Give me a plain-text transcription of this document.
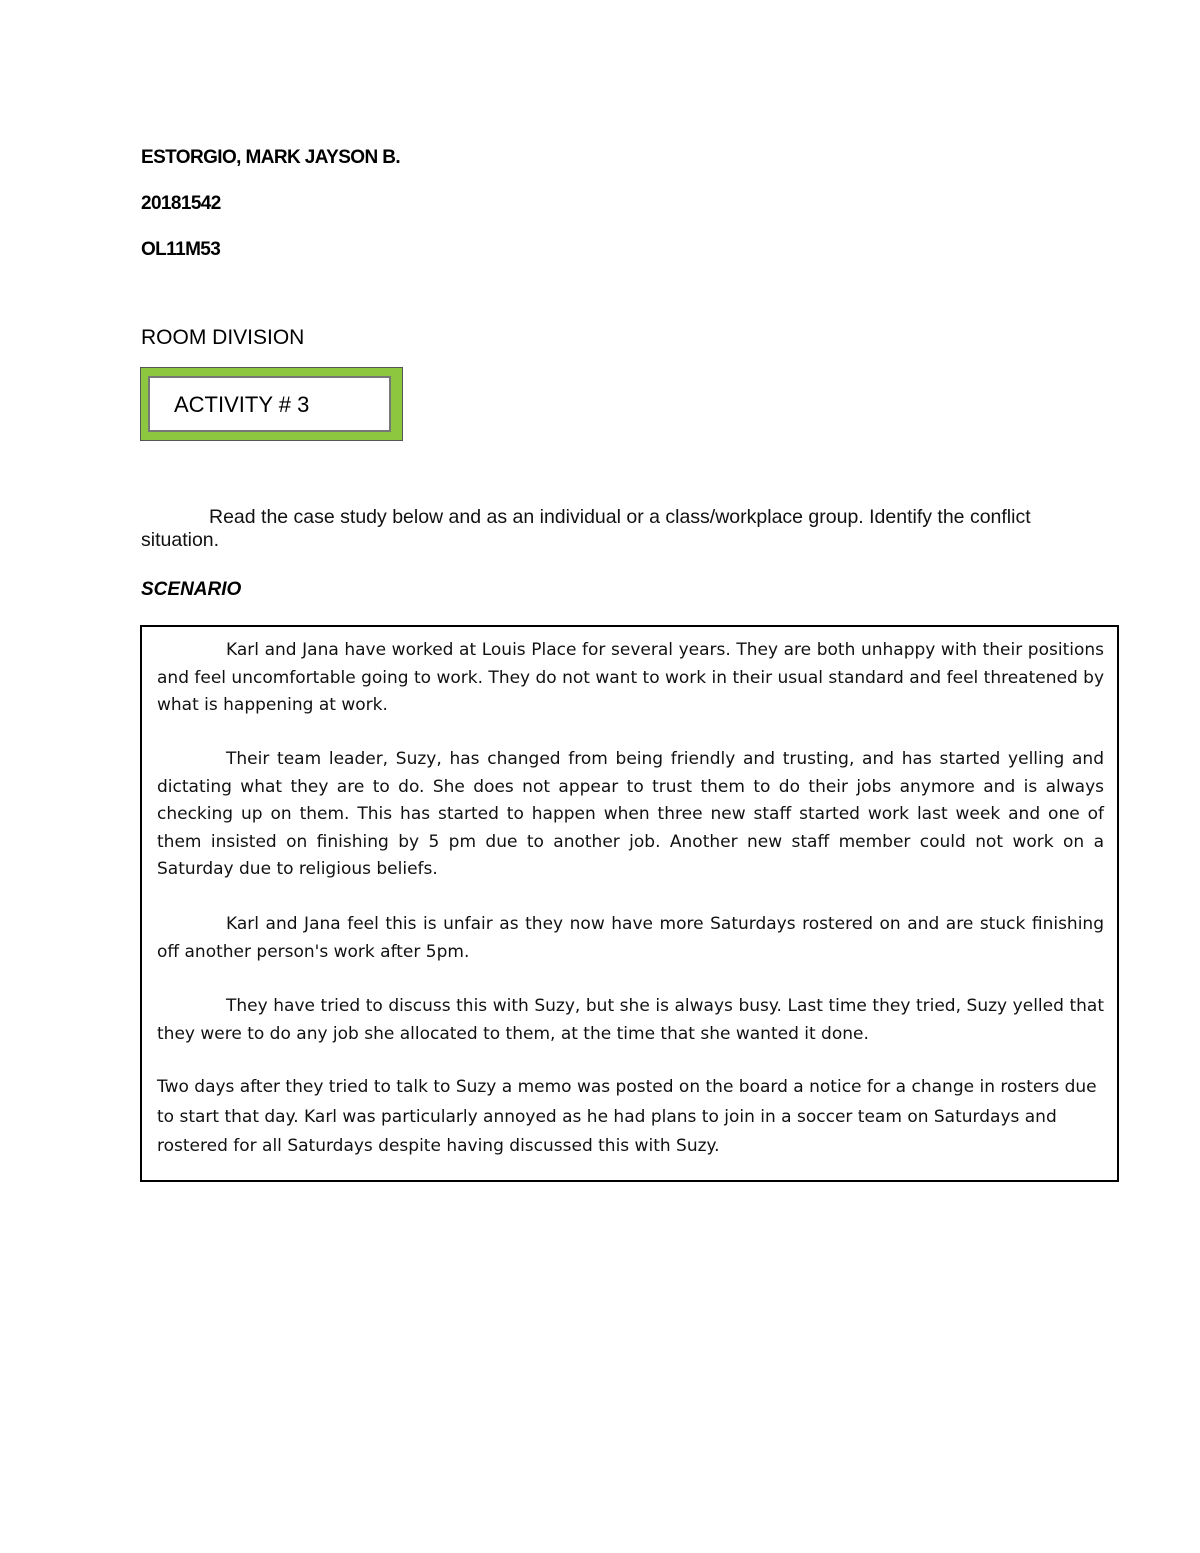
ESTORGIO, MARK JAYSON B.
20181542
OL11M53
ROOM DIVISION
ACTIVITY # 3
Read the case study below and as an individual or a class/workplace group. Identify the conflict situation.
SCENARIO

Karl and Jana have worked at Louis Place for several years. They are both unhappy with their positions and feel uncomfortable going to work. They do not want to work in their usual standard and feel threatened by what is happening at work.

Their team leader, Suzy, has changed from being friendly and trusting, and has started yelling and dictating what they are to do. She does not appear to trust them to do their jobs anymore and is always checking up on them. This has started to happen when three new staff started work last week and one of them insisted on finishing by 5 pm due to another job. Another new staff member could not work on a Saturday due to religious beliefs.

Karl and Jana feel this is unfair as they now have more Saturdays rostered on and are stuck finishing off another person's work after 5pm.

They have tried to discuss this with Suzy, but she is always busy. Last time they tried, Suzy yelled that they were to do any job she allocated to them, at the time that she wanted it done.

Two days after they tried to talk to Suzy a memo was posted on the board a notice for a change in rosters due to start that day. Karl was particularly annoyed as he had plans to join in a soccer team on Saturdays and rostered for all Saturdays despite having discussed this with Suzy.
